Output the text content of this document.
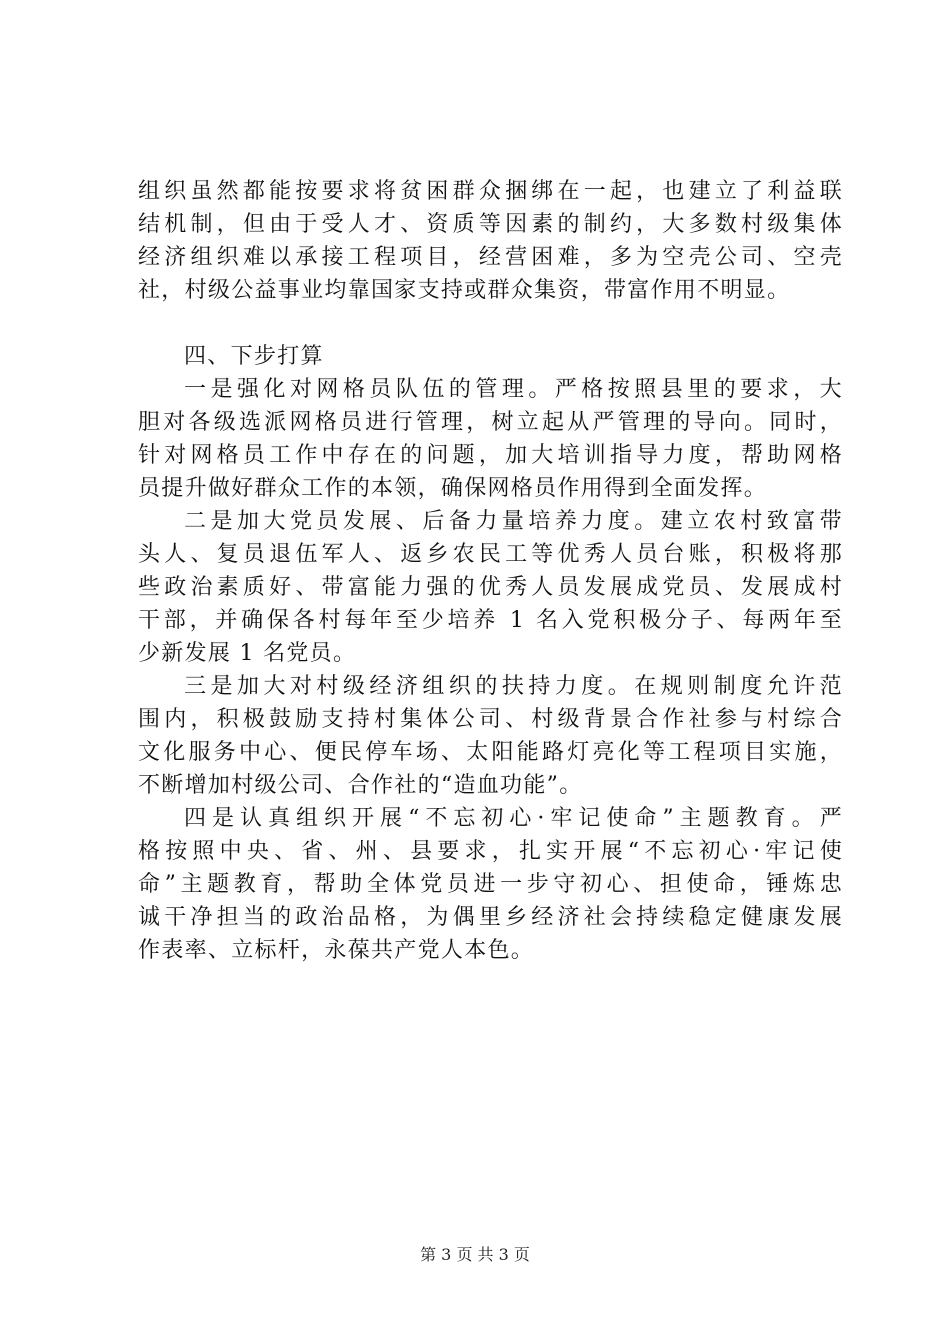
组织虽然都能按要求将贫困群众捆绑在一起，也建立了利益联
结机制，但由于受人才、资质等因素的制约，大多数村级集体
经济组织难以承接工程项目，经营困难，多为空壳公司、空壳
社，村级公益事业均靠国家支持或群众集资，带富作用不明显。
四、下步打算
一是强化对网格员队伍的管理。严格按照县里的要求，大
胆对各级选派网格员进行管理，树立起从严管理的导向。同时，
针对网格员工作中存在的问题，加大培训指导力度，帮助网格
员提升做好群众工作的本领，确保网格员作用得到全面发挥。
二是加大党员发展、后备力量培养力度。建立农村致富带
头人、复员退伍军人、返乡农民工等优秀人员台账，积极将那
些政治素质好、带富能力强的优秀人员发展成党员、发展成村
干部，并确保各村每年至少培养 1 名入党积极分子、每两年至
少新发展 1 名党员。
三是加大对村级经济组织的扶持力度。在规则制度允许范
围内，积极鼓励支持村集体公司、村级背景合作社参与村综合
文化服务中心、便民停车场、太阳能路灯亮化等工程项目实施，
不断增加村级公司、合作社的“造血功能”。
四是认真组织开展“不忘初心·牢记使命”主题教育。严
格按照中央、省、州、县要求，扎实开展“不忘初心·牢记使
命”主题教育，帮助全体党员进一步守初心、担使命，锤炼忠
诚干净担当的政治品格，为偶里乡经济社会持续稳定健康发展
作表率、立标杆，永葆共产党人本色。
第 3 页 共 3 页
